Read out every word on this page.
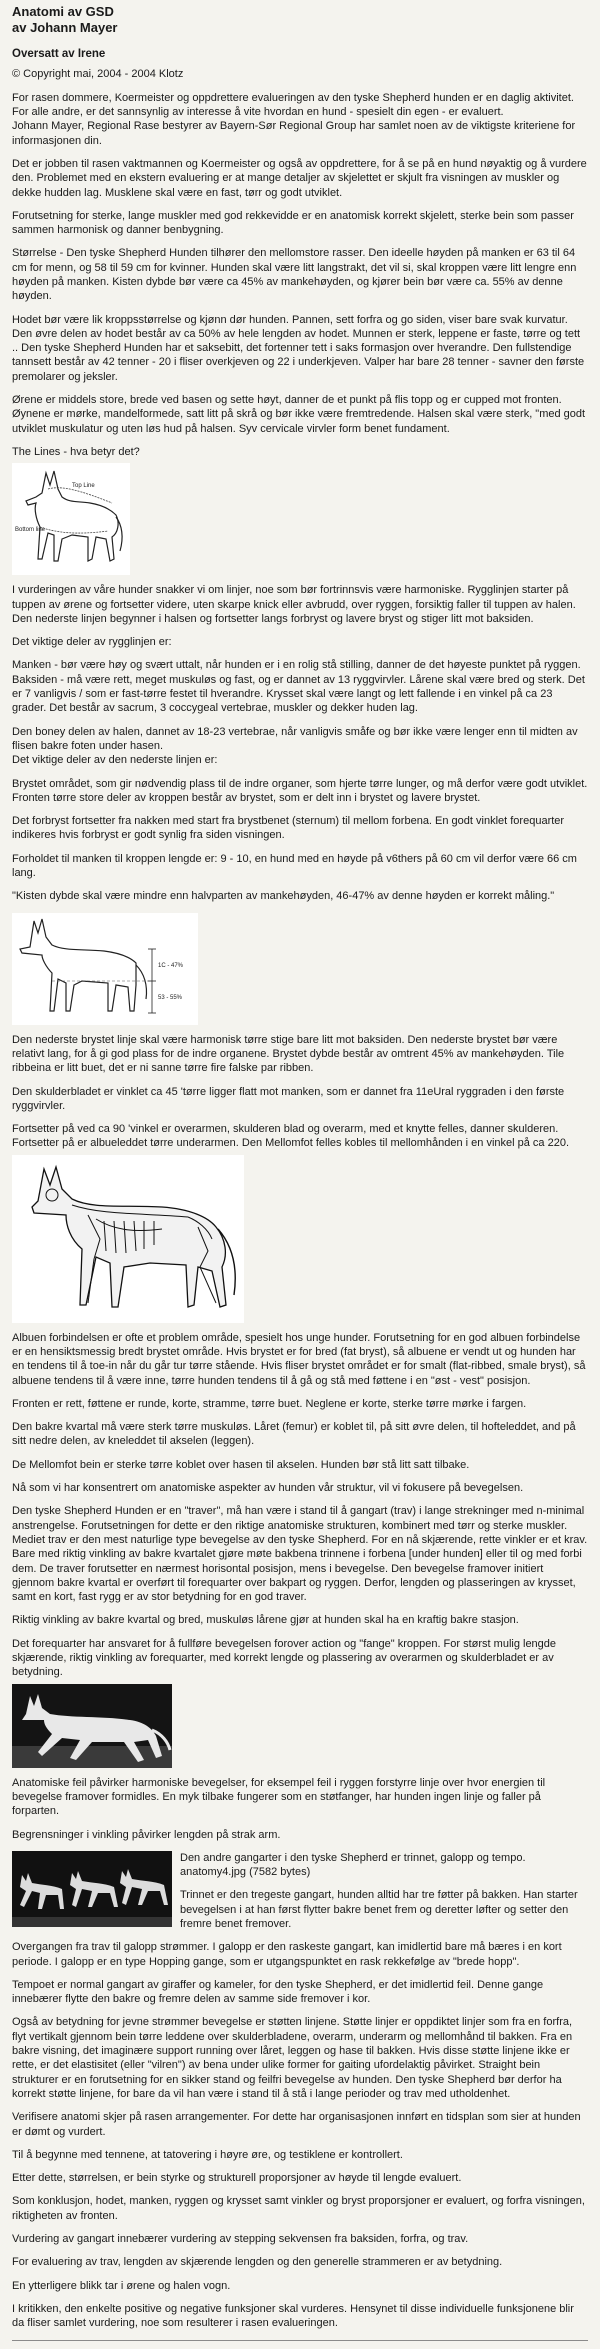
Anatomi av GSD
av Johann Mayer
Oversatt av Irene

© Copyright mai, 2004 - 2004 Klotz

For rasen dommere, Koermeister og oppdrettere evalueringen av den tyske Shepherd hunden er en daglig aktivitet. For alle andre, er det sannsynlig av interesse å vite hvordan en hund - spesielt din egen - er evaluert.
Johann Mayer, Regional Rase bestyrer av Bayern-Sør Regional Group har samlet noen av de viktigste kriteriene for informasjonen din.

Det er jobben til rasen vaktmannen og Koermeister og også av oppdrettere, for å se på en hund nøyaktig og å vurdere den. Problemet med en ekstern evaluering er at mange detaljer av skjelettet er skjult fra visningen av muskler og dekke hudden lag. Musklene skal være en fast, tørr og godt utviklet.

Forutsetning for sterke, lange muskler med god rekkevidde er en anatomisk korrekt skjelett, sterke bein som passer sammen harmonisk og danner benbygning.

Størrelse - Den tyske Shepherd Hunden tilhører den mellomstore rasser. Den ideelle høyden på manken er 63 til 64 cm for menn, og 58 til 59 cm for kvinner. Hunden skal være litt langstrakt, det vil si, skal kroppen være litt lengre enn høyden på manken. Kisten dybde bør være ca 45% av mankehøyden, og kjører bein bør være ca. 55% av denne høyden.

Hodet bør være lik kroppsstørrelse og kjønn dør hunden. Pannen, sett forfra og go siden, viser bare svak kurvatur. Den øvre delen av hodet består av ca 50% av hele lengden av hodet. Munnen er sterk, leppene er faste, tørre og tett .. Den tyske Shepherd Hunden har et saksebitt, det fortenner tett i saks formasjon over hverandre. Den fullstendige tannsett består av 42 tenner - 20 i fliser overkjeven og 22 i underkjeven. Valper har bare 28 tenner - savner den første premolarer og jeksler.

Ørene er middels store, brede ved basen og sette høyt, danner de et punkt på flis topp og er cupped mot fronten. Øynene er mørke, mandelformede, satt litt på skrå og bør ikke være fremtredende. Halsen skal være sterk, "med godt utviklet muskulatur og uten løs hud på halsen. Syv cervicale virvler form benet fundament.

The Lines - hva betyr det?

Top Line
Bottom line

I vurderingen av våre hunder snakker vi om linjer, noe som bør fortrinnsvis være harmoniske. Rygglinjen starter på tuppen av ørene og fortsetter videre, uten skarpe knick eller avbrudd, over ryggen, forsiktig faller til tuppen av halen. Den nederste linjen begynner i halsen og fortsetter langs forbryst og lavere bryst og stiger litt mot baksiden.

Det viktige deler av rygglinjen er:

Manken - bør være høy og svært uttalt, når hunden er i en rolig stå stilling, danner de det høyeste punktet på ryggen. Baksiden - må være rett, meget muskuløs og fast, og er dannet av 13 ryggvirvler. Lårene skal være bred og sterk. Det er 7 vanligvis / som er fast-tørre festet til hverandre. Krysset skal være langt og lett fallende i en vinkel på ca 23 grader. Det består av sacrum, 3 coccygeal vertebrae, muskler og dekker huden lag.

Den boney delen av halen, dannet av 18-23 vertebrae, når vanligvis småfe og bør ikke være lenger enn til midten av flisen bakre foten under hasen.

Det viktige deler av den nederste linjen er:

Brystet området, som gir nødvendig plass til de indre organer, som hjerte tørre lunger, og må derfor være godt utviklet. Fronten tørre store deler av kroppen består av brystet, som er delt inn i brystet og lavere brystet.

Det forbryst fortsetter fra nakken med start fra brystbenet (sternum) til mellom forbena. En godt vinklet forequarter indikeres hvis forbryst er godt synlig fra siden visningen.

Forholdet til manken til kroppen lengde er: 9 - 10, en hund med en høyde på v6thers på 60 cm vil derfor være 66 cm lang.

"Kisten dybde skal være mindre enn halvparten av mankehøyden, 46-47% av denne høyden er korrekt måling."

1C - 47%
53 - 55%

Den nederste brystet linje skal være harmonisk tørre stige bare litt mot baksiden. Den nederste brystet bør være relativt lang, for å gi god plass for de indre organene. Brystet dybde består av omtrent 45% av mankehøyden. Tile ribbeina er litt buet, det er ni sanne tørre fire falske par ribben.

Den skulderbladet er vinklet ca 45 'tørre ligger flatt mot manken, som er dannet fra 11eUral ryggraden i den første ryggvirvler.

Fortsetter på ved ca 90 'vinkel er overarmen, skulderen blad og overarm, med et knytte felles, danner skulderen. Fortsetter på er albueleddet tørre underarmen. Den Mellomfot felles kobles til mellomhånden i en vinkel på ca 220.

Albuen forbindelsen er ofte et problem område, spesielt hos unge hunder. Forutsetning for en god albuen forbindelse er en hensiktsmessig bredt brystet område. Hvis brystet er for bred (fat bryst), så albuene er vendt ut og hunden har en tendens til å toe-in når du går tur tørre stående. Hvis fliser brystet området er for smalt (flat-ribbed, smale bryst), så albuene tendens til å være inne, tørre hunden tendens til å gå og stå med føttene i en "øst - vest" posisjon.

Fronten er rett, føttene er runde, korte, stramme, tørre buet. Neglene er korte, sterke tørre mørke i fargen.

Den bakre kvartal må være sterk tørre muskuløs. Låret (femur) er koblet til, på sitt øvre delen, til hofteleddet, and på sitt nedre delen, av kneleddet til akselen (leggen).

De Mellomfot bein er sterke tørre koblet over hasen til akselen. Hunden bør stå litt satt tilbake.

Nå som vi har konsentrert om anatomiske aspekter av hunden vår struktur, vil vi fokusere på bevegelsen.

Den tyske Shepherd Hunden er en "traver", må han være i stand til å gangart (trav) i lange strekninger med n-minimal anstrengelse. Forutsetningen for dette er den riktige anatomiske strukturen, kombinert med tørr og sterke muskler. Mediet trav er den mest naturlige type bevegelse av den tyske Shepherd. For en nå skjærende, rette vinkler er et krav. Bare med riktig vinkling av bakre kvartalet gjøre møte bakbena trinnene i forbena [under hunden] eller til og med forbi dem. De traver forutsetter en nærmest horisontal posisjon, mens i bevegelse. Den bevegelse framover initiert gjennom bakre kvartal er overført til forequarter over bakpart og ryggen. Derfor, lengden og plasseringen av krysset, samt en kort, fast rygg er av stor betydning for en god traver.

Riktig vinkling av bakre kvartal og bred, muskuløs lårene gjør at hunden skal ha en kraftig bakre stasjon.

Det forequarter har ansvaret for å fullføre bevegelsen forover action og "fange" kroppen. For størst mulig lengde skjærende, riktig vinkling av forequarter, med korrekt lengde og plassering av overarmen og skulderbladet er av betydning.

Anatomiske feil påvirker harmoniske bevegelser, for eksempel feil i ryggen forstyrre linje over hvor energien til bevegelse framover formidles. En myk tilbake fungerer som en støtfanger, har hunden ingen linje og faller på forparten.

Begrensninger i vinkling påvirker lengden på strak arm.

Den andre gangarter i den tyske Shepherd er trinnet, galopp og tempo. anatomy4.jpg (7582 bytes)

Trinnet er den tregeste gangart, hunden alltid har tre føtter på bakken. Han starter bevegelsen i at han først flytter bakre benet frem og deretter løfter og setter den fremre benet fremover.

Overgangen fra trav til galopp strømmer. I galopp er den raskeste gangart, kan imidlertid bare må bæres i en kort periode. I galopp er en type Hopping gange, som er utgangspunktet en rask rekkefølge av "brede hopp".

Tempoet er normal gangart av giraffer og kameler, for den tyske Shepherd, er det imidlertid feil. Denne gange innebærer flytte den bakre og fremre delen av samme side fremover i kor.

Også av betydning for jevne strømmer bevegelse er støtten linjene. Støtte linjer er oppdiktet linjer som fra en forfra, flyt vertikalt gjennom bein tørre leddene over skulderbladene, overarm, underarm og mellomhånd til bakken. Fra en bakre visning, det imaginære support running over låret, leggen og hase til bakken. Hvis disse støtte linjene ikke er rette, er det elastisitet (eller "vilren") av bena under ulike former for gaiting ufordelaktig påvirket. Straight bein strukturer er en forutsetning for en sikker stand og feilfri bevegelse av hunden. Den tyske Shepherd bør derfor ha korrekt støtte linjene, for bare da vil han være i stand til å stå i lange perioder og trav med utholdenhet.

Verifisere anatomi skjer på rasen arrangementer. For dette har organisasjonen innført en tidsplan som sier at hunden er dømt og vurdert.

Til å begynne med tennene, at tatovering i høyre øre, og testiklene er kontrollert.

Etter dette, størrelsen, er bein styrke og strukturell proporsjoner av høyde til lengde evaluert.

Som konklusjon, hodet, manken, ryggen og krysset samt vinkler og bryst proporsjoner er evaluert, og forfra visningen, riktigheten av fronten.

Vurdering av gangart innebærer vurdering av stepping sekvensen fra baksiden, forfra, og trav.

For evaluering av trav, lengden av skjærende lengden og den generelle strammeren er av betydning.

En ytterligere blikk tar i ørene og halen vogn.

I kritikken, den enkelte positive og negative funksjoner skal vurderes. Hensynet til disse individuelle funksjonene blir da fliser samlet vurdering, noe som resulterer i rasen evalueringen.
